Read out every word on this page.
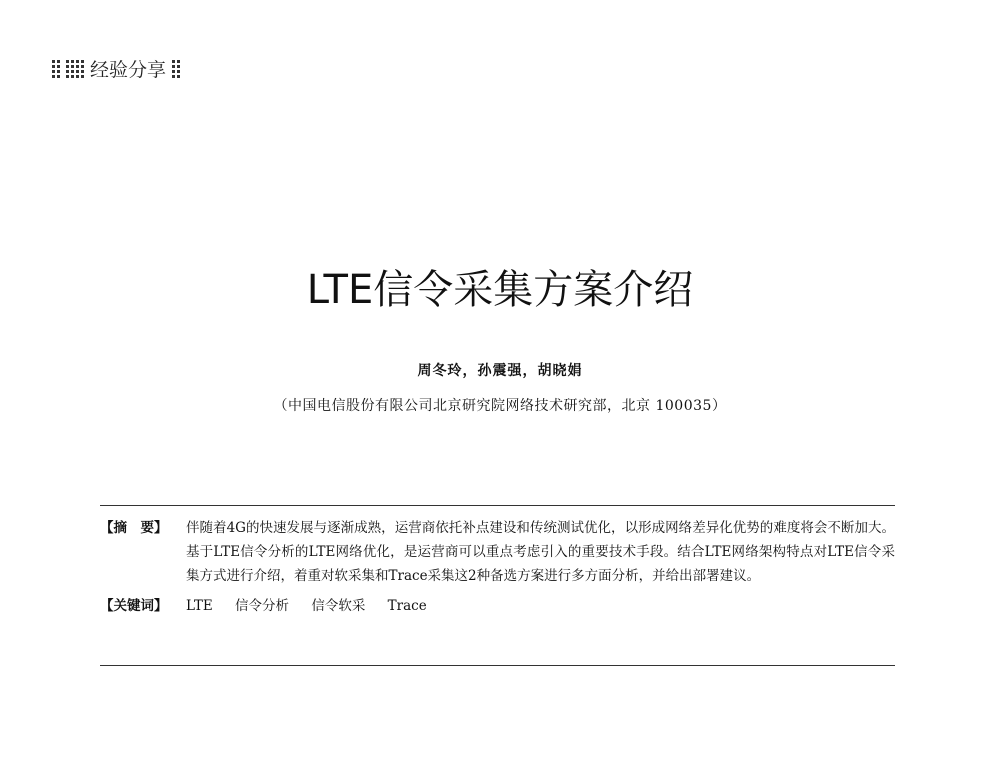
经验分享
LTE信令采集方案介绍
周冬玲，孙震强，胡晓娟
（中国电信股份有限公司北京研究院网络技术研究部，北京 100035）
【摘　要】	伴随着4G的快速发展与逐渐成熟，运营商依托补点建设和传统测试优化，以形成网络差异化优势的难度将会不断加大。基于LTE信令分析的LTE网络优化，是运营商可以重点考虑引入的重要技术手段。结合LTE网络架构特点对LTE信令采集方式进行介绍，着重对软采集和Trace采集这2种备选方案进行多方面分析，并给出部署建议。
【关键词】	LTE 信令分析 信令软采 Trace
